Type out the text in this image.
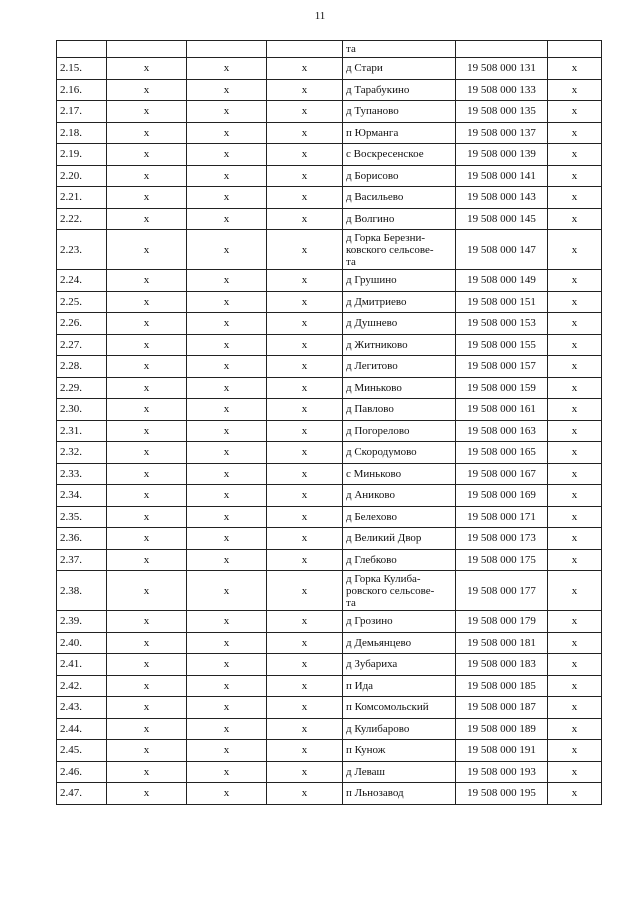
11
				та		
2.15.	х	х	х	д Стари	19 508 000 131	х
2.16.	х	х	х	д Тарабукино	19 508 000 133	х
2.17.	х	х	х	д Тупаново	19 508 000 135	х
2.18.	х	х	х	п Юрманга	19 508 000 137	х
2.19.	х	х	х	с Воскресенское	19 508 000 139	х
2.20.	х	х	х	д Борисово	19 508 000 141	х
2.21.	х	х	х	д Васильево	19 508 000 143	х
2.22.	х	х	х	д Волгино	19 508 000 145	х
2.23.	х	х	х	д Горка Березни-
ковского сельсове-
та	19 508 000 147	х
2.24.	х	х	х	д Грушино	19 508 000 149	х
2.25.	х	х	х	д Дмитриево	19 508 000 151	х
2.26.	х	х	х	д Душнево	19 508 000 153	х
2.27.	х	х	х	д Житниково	19 508 000 155	х
2.28.	х	х	х	д Легитово	19 508 000 157	х
2.29.	х	х	х	д Миньково	19 508 000 159	х
2.30.	х	х	х	д Павлово	19 508 000 161	х
2.31.	х	х	х	д Погорелово	19 508 000 163	х
2.32.	х	х	х	д Скородумово	19 508 000 165	х
2.33.	х	х	х	с Миньково	19 508 000 167	х
2.34.	х	х	х	д Аниково	19 508 000 169	х
2.35.	х	х	х	д Белехово	19 508 000 171	х
2.36.	х	х	х	д Великий Двор	19 508 000 173	х
2.37.	х	х	х	д Глебково	19 508 000 175	х
2.38.	х	х	х	д Горка Кулиба-
ровского сельсове-
та	19 508 000 177	х
2.39.	х	х	х	д Грозино	19 508 000 179	х
2.40.	х	х	х	д Демьянцево	19 508 000 181	х
2.41.	х	х	х	д Зубариха	19 508 000 183	х
2.42.	х	х	х	п Ида	19 508 000 185	х
2.43.	х	х	х	п Комсомольский	19 508 000 187	х
2.44.	х	х	х	д Кулибарово	19 508 000 189	х
2.45.	х	х	х	п Кунож	19 508 000 191	х
2.46.	х	х	х	д Леваш	19 508 000 193	х
2.47.	х	х	х	п Льнозавод	19 508 000 195	х
